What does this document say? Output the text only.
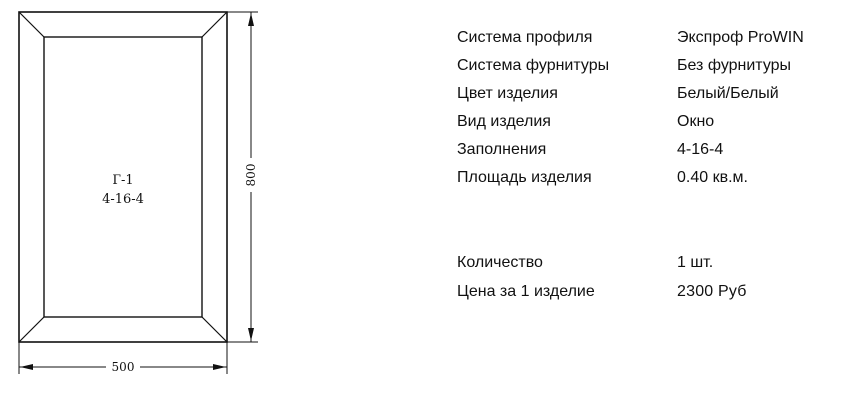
Г-1
4-16-4
800
500
Система профиля	Экспроф ProWIN
Система фурнитуры	Без фурнитуры
Цвет изделия	Белый/Белый
Вид изделия	Окно
Заполнения	4-16-4
Площадь изделия	0.40 кв.м.
Количество	1 шт.
Цена за 1 изделие	2300 Руб
